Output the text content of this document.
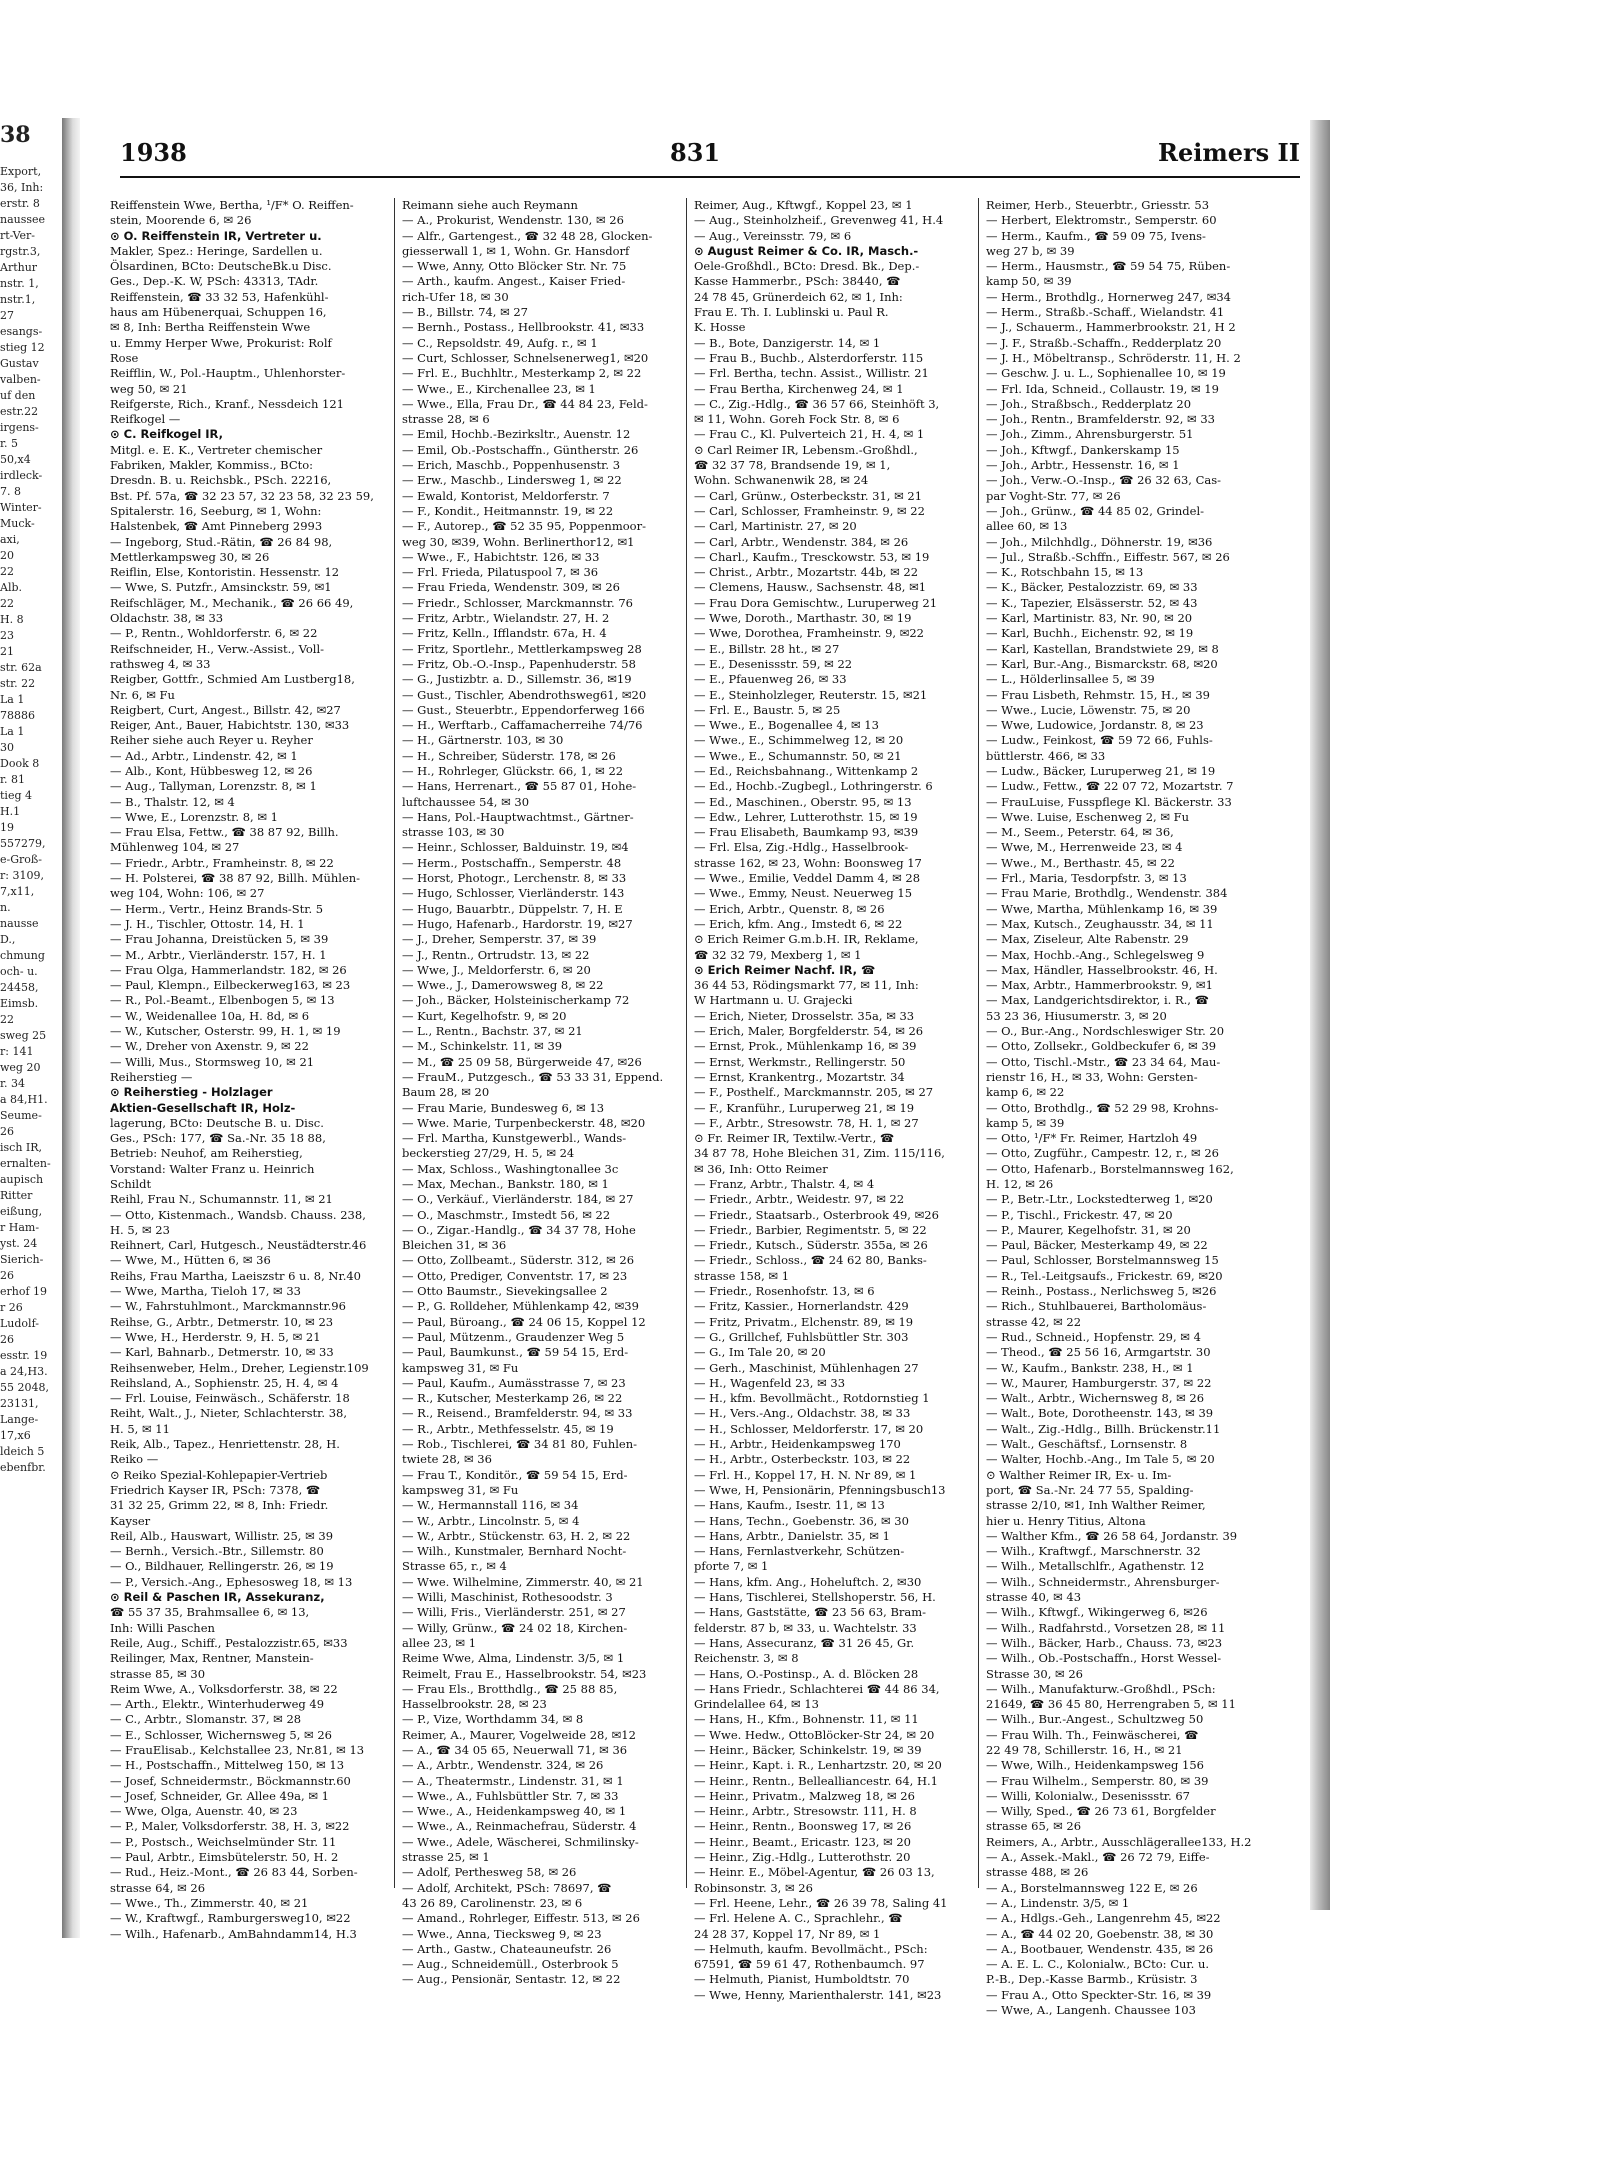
38
Export,
36, Inh:
erstr. 8
naussee
rt-Ver-
rgstr.3,
Arthur
nstr. 1,
nstr.1,
27
esangs-
stieg 12
Gustav
valben-
uf den
estr.22
irgens-
r. 5
50,x4
irdleck-
7. 8
Winter-
Muck-
axi,
20
22
Alb.
22
H. 8
23
21
str. 62a
str. 22
La 1
78886
La 1
30
Dook 8
r. 81
tieg 4
H.1
19
557279,
e-Groß-
r: 3109,
7,x11,
n.
nausse
D.,
chmung
och- u.
24458,
Eimsb.
22
sweg 25
r: 141
weg 20
r. 34
a 84,H1.
Seume-
26
isch IR,
ernalten-
aupisch
Ritter
eißung,
r Ham-
yst. 24
Sierich-
26
erhof 19
r 26
Ludolf-
26
esstr. 19
a 24,H3.
55 2048,
23131,
Lange-
17,x6
ldeich 5
ebenfbr.
1938	831	Reimers II

Reiffenstein Wwe, Bertha, ¹/F* O. Reiffen-

stein, Moorende 6, ✉ 26

⊙ O. Reiffenstein IR, Vertreter u.

Makler, Spez.: Heringe, Sardellen u.

Ölsardinen, BCto: DeutscheBk.u Disc.

Ges., Dep.-K. W, PSch: 43313, TAdr.

Reiffenstein, ☎ 33 32 53, Hafenkühl-

haus am Hübenerquai, Schuppen 16,

✉ 8, Inh: Bertha Reiffenstein Wwe

u. Emmy Herper Wwe, Prokurist: Rolf

Rose

Reifflin, W., Pol.-Hauptm., Uhlenhorster-

weg 50, ✉ 21

Reifgerste, Rich., Kranf., Nessdeich 121

Reifkogel —

⊙ C. Reifkogel IR,

Mitgl. e. E. K., Vertreter chemischer

Fabriken, Makler, Kommiss., BCto:

Dresdn. B. u. Reichsbk., PSch. 22216,

Bst. Pf. 57a, ☎ 32 23 57, 32 23 58, 32 23 59,

Spitalerstr. 16, Seeburg, ✉ 1, Wohn:

Halstenbek, ☎ Amt Pinneberg 2993

— Ingeborg, Stud.-Rätin, ☎ 26 84 98,

Mettlerkampsweg 30, ✉ 26

Reiflin, Else, Kontoristin. Hessenstr. 12

— Wwe, S. Putzfr., Amsinckstr. 59, ✉1

Reifschläger, M., Mechanik., ☎ 26 66 49,

Oldachstr. 38, ✉ 33

— P., Rentn., Wohldorferstr. 6, ✉ 22

Reifschneider, H., Verw.-Assist., Voll-

rathsweg 4, ✉ 33

Reigber, Gottfr., Schmied Am Lustberg18,

Nr. 6, ✉ Fu

Reigbert, Curt, Angest., Billstr. 42, ✉27

Reiger, Ant., Bauer, Habichtstr. 130, ✉33

Reiher siehe auch Reyer u. Reyher

— Ad., Arbtr., Lindenstr. 42, ✉ 1

— Alb., Kont, Hübbesweg 12, ✉ 26

— Aug., Tallyman, Lorenzstr. 8, ✉ 1

— B., Thalstr. 12, ✉ 4

— Wwe, E., Lorenzstr. 8, ✉ 1

— Frau Elsa, Fettw., ☎ 38 87 92, Billh.

Mühlenweg 104, ✉ 27

— Friedr., Arbtr., Framheinstr. 8, ✉ 22

— H. Polsterei, ☎ 38 87 92, Billh. Mühlen-

weg 104, Wohn: 106, ✉ 27

— Herm., Vertr., Heinz Brands-Str. 5

— J. H., Tischler, Ottostr. 14, H. 1

— Frau Johanna, Dreistücken 5, ✉ 39

— M., Arbtr., Vierländerstr. 157, H. 1

— Frau Olga, Hammerlandstr. 182, ✉ 26

— Paul, Klempn., Eilbeckerweg163, ✉ 23

— R., Pol.-Beamt., Elbenbogen 5, ✉ 13

— W., Weidenallee 10a, H. 8d, ✉ 6

— W., Kutscher, Osterstr. 99, H. 1, ✉ 19

— W., Dreher von Axenstr. 9, ✉ 22

— Willi, Mus., Stormsweg 10, ✉ 21

Reiherstieg —

⊙ Reiherstieg - Holzlager

Aktien-Gesellschaft IR, Holz-

lagerung, BCto: Deutsche B. u. Disc.

Ges., PSch: 177, ☎ Sa.-Nr. 35 18 88,

Betrieb: Neuhof, am Reiherstieg,

Vorstand: Walter Franz u. Heinrich

Schildt

Reihl, Frau N., Schumannstr. 11, ✉ 21

— Otto, Kistenmach., Wandsb. Chauss. 238,

H. 5, ✉ 23

Reihnert, Carl, Hutgesch., Neustädterstr.46

— Wwe, M., Hütten 6, ✉ 36

Reihs, Frau Martha, Laeiszstr 6 u. 8, Nr.40

— Wwe, Martha, Tieloh 17, ✉ 33

— W., Fahrstuhlmont., Marckmannstr.96

Reihse, G., Arbtr., Detmerstr. 10, ✉ 23

— Wwe, H., Herderstr. 9, H. 5, ✉ 21

— Karl, Bahnarb., Detmerstr. 10, ✉ 33

Reihsenweber, Helm., Dreher, Legienstr.109

Reihsland, A., Sophienstr. 25, H. 4, ✉ 4

— Frl. Louise, Feinwäsch., Schäferstr. 18

Reiht, Walt., J., Nieter, Schlachterstr. 38,

H. 5, ✉ 11

Reik, Alb., Tapez., Henriettenstr. 28, H.

Reiko —

⊙ Reiko Spezial-Kohlepapier-Vertrieb

Friedrich Kayser IR, PSch: 7378, ☎

31 32 25, Grimm 22, ✉ 8, Inh: Friedr.

Kayser

Reil, Alb., Hauswart, Willistr. 25, ✉ 39

— Bernh., Versich.-Btr., Sillemstr. 80

— O., Bildhauer, Rellingerstr. 26, ✉ 19

— P., Versich.-Ang., Ephesosweg 18, ✉ 13

⊙ Reil & Paschen IR, Assekuranz,

☎ 55 37 35, Brahmsallee 6, ✉ 13,

Inh: Willi Paschen

Reile, Aug., Schiff., Pestalozzistr.65, ✉33

Reilinger, Max, Rentner, Manstein-

strasse 85, ✉ 30

Reim Wwe, A., Volksdorferstr. 38, ✉ 22

— Arth., Elektr., Winterhuderweg 49

— C., Arbtr., Slomanstr. 37, ✉ 28

— E., Schlosser, Wichernsweg 5, ✉ 26

— FrauElisab., Kelchstallee 23, Nr.81, ✉ 13

— H., Postschaffn., Mittelweg 150, ✉ 13

— Josef, Schneidermstr., Böckmannstr.60

— Josef, Schneider, Gr. Allee 49a, ✉ 1

— Wwe, Olga, Auenstr. 40, ✉ 23

— P., Maler, Volksdorferstr. 38, H. 3, ✉22

— P., Postsch., Weichselmünder Str. 11

— Paul, Arbtr., Eimsbütelerstr. 50, H. 2

— Rud., Heiz.-Mont., ☎ 26 83 44, Sorben-

strasse 64, ✉ 26

— Wwe., Th., Zimmerstr. 40, ✉ 21

— W., Kraftwgf., Ramburgersweg10, ✉22

— Wilh., Hafenarb., AmBahndamm14, H.3

Reimann siehe auch Reymann

— A., Prokurist, Wendenstr. 130, ✉ 26

— Alfr., Gartengest., ☎ 32 48 28, Glocken-

giesserwall 1, ✉ 1, Wohn. Gr. Hansdorf

— Wwe, Anny, Otto Blöcker Str. Nr. 75

— Arth., kaufm. Angest., Kaiser Fried-

rich-Ufer 18, ✉ 30

— B., Billstr. 74, ✉ 27

— Bernh., Postass., Hellbrookstr. 41, ✉33

— C., Repsoldstr. 49, Aufg. r., ✉ 1

— Curt, Schlosser, Schnelsenerweg1, ✉20

— Frl. E., Buchhltr., Mesterkamp 2, ✉ 22

— Wwe., E., Kirchenallee 23, ✉ 1

— Wwe., Ella, Frau Dr., ☎ 44 84 23, Feld-

strasse 28, ✉ 6

— Emil, Hochb.-Bezirksltr., Auenstr. 12

— Emil, Ob.-Postschaffn., Güntherstr. 26

— Erich, Maschb., Poppenhusenstr. 3

— Erw., Maschb., Lindersweg 1, ✉ 22

— Ewald, Kontorist, Meldorferstr. 7

— F., Kondit., Heitmannstr. 19, ✉ 22

— F., Autorep., ☎ 52 35 95, Poppenmoor-

weg 30, ✉39, Wohn. Berlinerthor12, ✉1

— Wwe., F., Habichtstr. 126, ✉ 33

— Frl. Frieda, Pilatuspool 7, ✉ 36

— Frau Frieda, Wendenstr. 309, ✉ 26

— Friedr., Schlosser, Marckmannstr. 76

— Fritz, Arbtr., Wielandstr. 27, H. 2

— Fritz, Kelln., Ifflandstr. 67a, H. 4

— Fritz, Sportlehr., Mettlerkampsweg 28

— Fritz, Ob.-O.-Insp., Papenhuderstr. 58

— G., Justizbtr. a. D., Sillemstr. 36, ✉19

— Gust., Tischler, Abendrothsweg61, ✉20

— Gust., Steuerbtr., Eppendorferweg 166

— H., Werftarb., Caffamacherreihe 74/76

— H., Gärtnerstr. 103, ✉ 30

— H., Schreiber, Süderstr. 178, ✉ 26

— H., Rohrleger, Glückstr. 66, 1, ✉ 22

— Hans, Herrenart., ☎ 55 87 01, Hohe-

luftchaussee 54, ✉ 30

— Hans, Pol.-Hauptwachtmst., Gärtner-

strasse 103, ✉ 30

— Heinr., Schlosser, Balduinstr. 19, ✉4

— Herm., Postschaffn., Semperstr. 48

— Horst, Photogr., Lerchenstr. 8, ✉ 33

— Hugo, Schlosser, Vierländerstr. 143

— Hugo, Bauarbtr., Düppelstr. 7, H. E

— Hugo, Hafenarb., Hardorstr. 19, ✉27

— J., Dreher, Semperstr. 37, ✉ 39

— J., Rentn., Ortrudstr. 13, ✉ 22

— Wwe, J., Meldorferstr. 6, ✉ 20

— Wwe., J., Damerowsweg 8, ✉ 22

— Joh., Bäcker, Holsteinischerkamp 72

— Kurt, Kegelhofstr. 9, ✉ 20

— L., Rentn., Bachstr. 37, ✉ 21

— M., Schinkelstr. 11, ✉ 39

— M., ☎ 25 09 58, Bürgerweide 47, ✉26

— FrauM., Putzgesch., ☎ 53 33 31, Eppend.

Baum 28, ✉ 20

— Frau Marie, Bundesweg 6, ✉ 13

— Wwe. Marie, Turpenbeckerstr. 48, ✉20

— Frl. Martha, Kunstgewerbl., Wands-

beckerstieg 27/29, H. 5, ✉ 24

— Max, Schloss., Washingtonallee 3c

— Max, Mechan., Bankstr. 180, ✉ 1

— O., Verkäuf., Vierländerstr. 184, ✉ 27

— O., Maschmstr., Imstedt 56, ✉ 22

— O., Zigar.-Handlg., ☎ 34 37 78, Hohe

Bleichen 31, ✉ 36

— Otto, Zollbeamt., Süderstr. 312, ✉ 26

— Otto, Prediger, Conventstr. 17, ✉ 23

— Otto Baumstr., Sievekingsallee 2

— P., G. Rolldeher, Mühlenkamp 42, ✉39

— Paul, Büroang., ☎ 24 06 15, Koppel 12

— Paul, Mützenm., Graudenzer Weg 5

— Paul, Baumkunst., ☎ 59 54 15, Erd-

kampsweg 31, ✉ Fu

— Paul, Kaufm., Aumässtrasse 7, ✉ 23

— R., Kutscher, Mesterkamp 26, ✉ 22

— R., Reisend., Bramfelderstr. 94, ✉ 33

— R., Arbtr., Methfesselstr. 45, ✉ 19

— Rob., Tischlerei, ☎ 34 81 80, Fuhlen-

twiete 28, ✉ 36

— Frau T., Konditör., ☎ 59 54 15, Erd-

kampsweg 31, ✉ Fu

— W., Hermannstall 116, ✉ 34

— W., Arbtr., Lincolnstr. 5, ✉ 4

— W., Arbtr., Stückenstr. 63, H. 2, ✉ 22

— Wilh., Kunstmaler, Bernhard Nocht-

Strasse 65, r., ✉ 4

— Wwe. Wilhelmine, Zimmerstr. 40, ✉ 21

— Willi, Maschinist, Rothesoodstr. 3

— Willi, Fris., Vierländerstr. 251, ✉ 27

— Willy, Grünw., ☎ 24 02 18, Kirchen-

allee 23, ✉ 1

Reime Wwe, Alma, Lindenstr. 3/5, ✉ 1

Reimelt, Frau E., Hasselbrookstr. 54, ✉23

— Frau Els., Brotthdlg., ☎ 25 88 85,

Hasselbrookstr. 28, ✉ 23

— P., Vize, Worthdamm 34, ✉ 8

Reimer, A., Maurer, Vogelweide 28, ✉12

— A., ☎ 34 05 65, Neuerwall 71, ✉ 36

— A., Arbtr., Wendenstr. 324, ✉ 26

— A., Theatermstr., Lindenstr. 31, ✉ 1

— Wwe., A., Fuhlsbüttler Str. 7, ✉ 33

— Wwe., A., Heidenkampsweg 40, ✉ 1

— Wwe., A., Reinmachefrau, Süderstr. 4

— Wwe., Adele, Wäscherei, Schmilinsky-

strasse 25, ✉ 1

— Adolf, Perthesweg 58, ✉ 26

— Adolf, Architekt, PSch: 78697, ☎

43 26 89, Carolinenstr. 23, ✉ 6

— Amand., Rohrleger, Eiffestr. 513, ✉ 26

— Wwe., Anna, Tiecksweg 9, ✉ 23

— Arth., Gastw., Chateaunеufstr. 26

— Aug., Schneidemüll., Osterbrook 5

— Aug., Pensionär, Sentastr. 12, ✉ 22

Reimer, Aug., Kftwgf., Koppel 23, ✉ 1

— Aug., Steinholzheif., Grevenweg 41, H.4

— Aug., Vereinsstr. 79, ✉ 6

⊙ August Reimer & Co. IR, Masch.-

Oele-Großhdl., BCto: Dresd. Bk., Dep.-

Kasse Hammerbr., PSch: 38440, ☎

24 78 45, Grünerdeich 62, ✉ 1, Inh:

Frau E. Th. I. Lublinski u. Paul R.

K. Hosse

— B., Bote, Danzigerstr. 14, ✉ 1

— Frau B., Buchb., Alsterdorferstr. 115

— Frl. Bertha, techn. Assist., Willistr. 21

— Frau Bertha, Kirchenweg 24, ✉ 1

— C., Zig.-Hdlg., ☎ 36 57 66, Steinhöft 3,

✉ 11, Wohn. Goreh Fock Str. 8, ✉ 6

— Frau C., Kl. Pulverteich 21, H. 4, ✉ 1

⊙ Carl Reimer IR, Lebensm.-Großhdl.,

☎ 32 37 78, Brandsende 19, ✉ 1,

Wohn. Schwanenwik 28, ✉ 24

— Carl, Grünw., Osterbeckstr. 31, ✉ 21

— Carl, Schlosser, Framheinstr. 9, ✉ 22

— Carl, Martinistr. 27, ✉ 20

— Carl, Arbtr., Wendenstr. 384, ✉ 26

— Charl., Kaufm., Tresckowstr. 53, ✉ 19

— Christ., Arbtr., Mozartstr. 44b, ✉ 22

— Clemens, Hausw., Sachsenstr. 48, ✉1

— Frau Dora Gemischtw., Luruperweg 21

— Wwe, Doroth., Marthastr. 30, ✉ 19

— Wwe, Dorothea, Framheinstr. 9, ✉22

— E., Billstr. 28 ht., ✉ 27

— E., Desenissstr. 59, ✉ 22

— E., Pfauenweg 26, ✉ 33

— E., Steinholzleger, Reuterstr. 15, ✉21

— Frl. E., Baustr. 5, ✉ 25

— Wwe., E., Bogenallee 4, ✉ 13

— Wwe., E., Schimmelweg 12, ✉ 20

— Wwe., E., Schumannstr. 50, ✉ 21

— Ed., Reichsbahnang., Wittenkamp 2

— Ed., Hochb.-Zugbegl., Lothringerstr. 6

— Ed., Maschinen., Oberstr. 95, ✉ 13

— Edw., Lehrer, Lutterothstr. 15, ✉ 19

— Frau Elisabeth, Baumkamp 93, ✉39

— Frl. Elsa, Zig.-Hdlg., Hasselbrook-

strasse 162, ✉ 23, Wohn: Boonsweg 17

— Wwe., Emilie, Veddel Damm 4, ✉ 28

— Wwe., Emmy, Neust. Neuerweg 15

— Erich, Arbtr., Quenstr. 8, ✉ 26

— Erich, kfm. Ang., Imstedt 6, ✉ 22

⊙ Erich Reimer G.m.b.H. IR, Reklame,

☎ 32 32 79, Mexberg 1, ✉ 1

⊙ Erich Reimer Nachf. IR, ☎

36 44 53, Rödingsmarkt 77, ✉ 11, Inh:

W Hartmann u. U. Grajecki

— Erich, Nieter, Drosselstr. 35a, ✉ 33

— Erich, Maler, Borgfelderstr. 54, ✉ 26

— Ernst, Prok., Mühlenkamp 16, ✉ 39

— Ernst, Werkmstr., Rellingerstr. 50

— Ernst, Krankentrg., Mozartstr. 34

— F., Posthelf., Marckmannstr. 205, ✉ 27

— F., Kranführ., Luruperweg 21, ✉ 19

— F., Arbtr., Stresowstr. 78, H. 1, ✉ 27

⊙ Fr. Reimer IR, Textilw.-Vertr., ☎

34 87 78, Hohe Bleichen 31, Zim. 115/116,

✉ 36, Inh: Otto Reimer

— Franz, Arbtr., Thalstr. 4, ✉ 4

— Friedr., Arbtr., Weidestr. 97, ✉ 22

— Friedr., Staatsarb., Osterbrook 49, ✉26

— Friedr., Barbier, Regimentstr. 5, ✉ 22

— Friedr., Kutsch., Süderstr. 355a, ✉ 26

— Friedr., Schloss., ☎ 24 62 80, Banks-

strasse 158, ✉ 1

— Friedr., Rosenhofstr. 13, ✉ 6

— Fritz, Kassier., Hornerlandstr. 429

— Fritz, Privatm., Elchenstr. 89, ✉ 19

— G., Grillchef, Fuhlsbüttler Str. 303

— G., Im Tale 20, ✉ 20

— Gerh., Maschinist, Mühlenhagen 27

— H., Wagenfeld 23, ✉ 33

— H., kfm. Bevollmächt., Rotdornstieg 1

— H., Vers.-Ang., Oldachstr. 38, ✉ 33

— H., Schlosser, Meldorferstr. 17, ✉ 20

— H., Arbtr., Heidenkampsweg 170

— H., Arbtr., Osterbeckstr. 103, ✉ 22

— Frl. H., Koppel 17, H. N. Nr 89, ✉ 1

— Wwe, H, Pensionärin, Pfenningsbusch13

— Hans, Kaufm., Isestr. 11, ✉ 13

— Hans, Techn., Goebenstr. 36, ✉ 30

— Hans, Arbtr., Danielstr. 35, ✉ 1

— Hans, Fernlastverkehr, Schützen-

pforte 7, ✉ 1

— Hans, kfm. Ang., Hoheluftch. 2, ✉30

— Hans, Tischlerei, Stellshoperstr. 56, H.

— Hans, Gaststätte, ☎ 23 56 63, Bram-

felderstr. 87 b, ✉ 33, u. Wachtelstr. 33

— Hans, Assecuranz, ☎ 31 26 45, Gr.

Reichenstr. 3, ✉ 8

— Hans, O.-Postinsp., A. d. Blöcken 28

— Hans Friedr., Schlachterei ☎ 44 86 34,

Grindelallee 64, ✉ 13

— Hans, H., Kfm., Bohnenstr. 11, ✉ 11

— Wwe. Hedw., OttoBlöcker-Str 24, ✉ 20

— Heinr., Bäcker, Schinkelstr. 19, ✉ 39

— Heinr., Kapt. i. R., Lenhartzstr. 20, ✉ 20

— Heinr., Rentn., Belleallianсеstr. 64, H.1

— Heinr., Privatm., Malzweg 18, ✉ 26

— Heinr., Arbtr., Stresowstr. 111, H. 8

— Heinr., Rentn., Boonsweg 17, ✉ 26

— Heinr., Beamt., Ericastr. 123, ✉ 20

— Heinr., Zig.-Hdlg., Lutterothstr. 20

— Heinr. E., Möbel-Agentur, ☎ 26 03 13,

Robinsonstr. 3, ✉ 26

— Frl. Heene, Lehr., ☎ 26 39 78, Saling 41

— Frl. Helene A. C., Sprachlehr., ☎

24 28 37, Koppel 17, Nr 89, ✉ 1

— Helmuth, kaufm. Bevollmächt., PSch:

67591, ☎ 59 61 47, Rothenbaumch. 97

— Helmuth, Pianist, Humboldtstr. 70

— Wwe, Henny, Marienthalerstr. 141, ✉23

Reimer, Herb., Steuerbtr., Griesstr. 53

— Herbert, Elektromstr., Semperstr. 60

— Herm., Kaufm., ☎ 59 09 75, Ivens-

weg 27 b, ✉ 39

— Herm., Hausmstr., ☎ 59 54 75, Rüben-

kamp 50, ✉ 39

— Herm., Brothdlg., Hornerweg 247, ✉34

— Herm., Straßb.-Schaff., Wielandstr. 41

— J., Schauerm., Hammerbrookstr. 21, H 2

— J. F., Straßb.-Schaffn., Redderplatz 20

— J. H., Möbeltransp., Schröderstr. 11, H. 2

— Geschw. J. u. L., Sophienallee 10, ✉ 19

— Frl. Ida, Schneid., Collaustr. 19, ✉ 19

— Joh., Straßbsch., Redderplatz 20

— Joh., Rentn., Bramfelderstr. 92, ✉ 33

— Joh., Zimm., Ahrensburgerstr. 51

— Joh., Kftwgf., Dankerskamp 15

— Joh., Arbtr., Hessenstr. 16, ✉ 1

— Joh., Verw.-O.-Insp., ☎ 26 32 63, Cas-

par Voght-Str. 77, ✉ 26

— Joh., Grünw., ☎ 44 85 02, Grindel-

allee 60, ✉ 13

— Joh., Milchhdlg., Döhnerstr. 19, ✉36

— Jul., Straßb.-Schffn., Eiffestr. 567, ✉ 26

— K., Rotschbahn 15, ✉ 13

— K., Bäcker, Pestalozzistr. 69, ✉ 33

— K., Tapezier, Elsässerstr. 52, ✉ 43

— Karl, Martinistr. 83, Nr. 90, ✉ 20

— Karl, Buchh., Eichenstr. 92, ✉ 19

— Karl, Kastellan, Brandstwiete 29, ✉ 8

— Karl, Bur.-Ang., Bismarckstr. 68, ✉20

— L., Hölderlinsallee 5, ✉ 39

— Frau Lisbeth, Rehmstr. 15, H., ✉ 39

— Wwe., Lucie, Löwenstr. 75, ✉ 20

— Wwe, Ludowice, Jordanstr. 8, ✉ 23

— Ludw., Feinkost, ☎ 59 72 66, Fuhls-

büttlerstr. 466, ✉ 33

— Ludw., Bäcker, Luruperweg 21, ✉ 19

— Ludw., Fettw., ☎ 22 07 72, Mozartstr. 7

— FrauLuise, Fusspflege Kl. Bäckerstr. 33

— Wwe. Luise, Eschenweg 2, ✉ Fu

— M., Seem., Peterstr. 64, ✉ 36,

— Wwe, M., Herrenweide 23, ✉ 4

— Wwe., M., Berthastr. 45, ✉ 22

— Frl., Maria, Tesdorpfstr. 3, ✉ 13

— Frau Marie, Brothdlg., Wendenstr. 384

— Wwe, Martha, Mühlenkamp 16, ✉ 39

— Max, Kutsch., Zeughausstr. 34, ✉ 11

— Max, Ziseleur, Alte Rabenstr. 29

— Max, Hochb.-Ang., Schlegelsweg 9

— Max, Händler, Hasselbrookstr. 46, H.

— Max, Arbtr., Hammerbrookstr. 9, ✉1

— Max, Landgerichtsdirektor, i. R., ☎

53 23 36, Hiusumerstr. 3, ✉ 20

— O., Bur.-Ang., Nordschleswiger Str. 20

— Otto, Zollsekr., Goldbeckufer 6, ✉ 39

— Otto, Tischl.-Mstr., ☎ 23 34 64, Mau-

rienstr 16, H., ✉ 33, Wohn: Gersten-

kamp 6, ✉ 22

— Otto, Brothdlg., ☎ 52 29 98, Krohns-

kamp 5, ✉ 39

— Otto, ¹/F* Fr. Reimer, Hartzloh 49

— Otto, Zugführ., Campestr. 12, r., ✉ 26

— Otto, Hafenarb., Borstelmannsweg 162,

H. 12, ✉ 26

— P., Betr.-Ltr., Lockstedterweg 1, ✉20

— P., Tischl., Frickestr. 47, ✉ 20

— P., Maurer, Kegelhofstr. 31, ✉ 20

— Paul, Bäcker, Mesterkamp 49, ✉ 22

— Paul, Schlosser, Borstelmannsweg 15

— R., Tel.-Leitgsaufs., Frickestr. 69, ✉20

— Reinh., Postass., Nerlichsweg 5, ✉26

— Rich., Stuhlbauerei, Bartholomäus-

strasse 42, ✉ 22

— Rud., Schneid., Hopfenstr. 29, ✉ 4

— Theod., ☎ 25 56 16, Armgartstr. 30

— W., Kaufm., Bankstr. 238, H., ✉ 1

— W., Maurer, Hamburgerstr. 37, ✉ 22

— Walt., Arbtr., Wichernsweg 8, ✉ 26

— Walt., Bote, Dorotheenstr. 143, ✉ 39

— Walt., Zig.-Hdlg., Billh. Brückenstr.11

— Walt., Geschäftsf., Lornsenstr. 8

— Walter, Hochb.-Ang., Im Tale 5, ✉ 20

⊙ Walther Reimer IR, Ex- u. Im-

port, ☎ Sa.-Nr. 24 77 55, Spalding-

strasse 2/10, ✉1, Inh Walther Reimer,

hier u. Henry Titius, Altona

— Walther Kfm., ☎ 26 58 64, Jordanstr. 39

— Wilh., Kraftwgf., Marschnerstr. 32

— Wilh., Metallschlfr., Agathenstr. 12

— Wilh., Schneidermstr., Ahrensburger-

strasse 40, ✉ 43

— Wilh., Kftwgf., Wikingerweg 6, ✉26

— Wilh., Radfahrstd., Vorsetzen 28, ✉ 11

— Wilh., Bäcker, Harb., Chauss. 73, ✉23

— Wilh., Ob.-Postschaffn., Horst Wessel-

Strasse 30, ✉ 26

— Wilh., Manufakturw.-Großhdl., PSch:

21649, ☎ 36 45 80, Herrengraben 5, ✉ 11

— Wilh., Bur.-Angest., Schultzweg 50

— Frau Wilh. Th., Feinwäscherei, ☎

22 49 78, Schillerstr. 16, H., ✉ 21

— Wwe, Wilh., Heidenkampsweg 156

— Frau Wilhelm., Semperstr. 80, ✉ 39

— Willi, Kolonialw., Desenissstr. 67

— Willy, Sped., ☎ 26 73 61, Borgfelder

strasse 65, ✉ 26

Reimers, A., Arbtr., Ausschlägerallee133, H.2

— A., Assek.-Makl., ☎ 26 72 79, Eiffe-

strasse 488, ✉ 26

— A., Borstelmannsweg 122 E, ✉ 26

— A., Lindenstr. 3/5, ✉ 1

— A., Hdlgs.-Geh., Langenrehm 45, ✉22

— A., ☎ 44 02 20, Goebenstr. 38, ✉ 30

— A., Bootbauer, Wendenstr. 435, ✉ 26

— A. E. L. C., Kolonialw., BCto: Cur. u.

P.-B., Dep.-Kasse Barmb., Krüsistr. 3

— Frau A., Otto Speckter-Str. 16, ✉ 39

— Wwe, A., Langenh. Chaussee 103
